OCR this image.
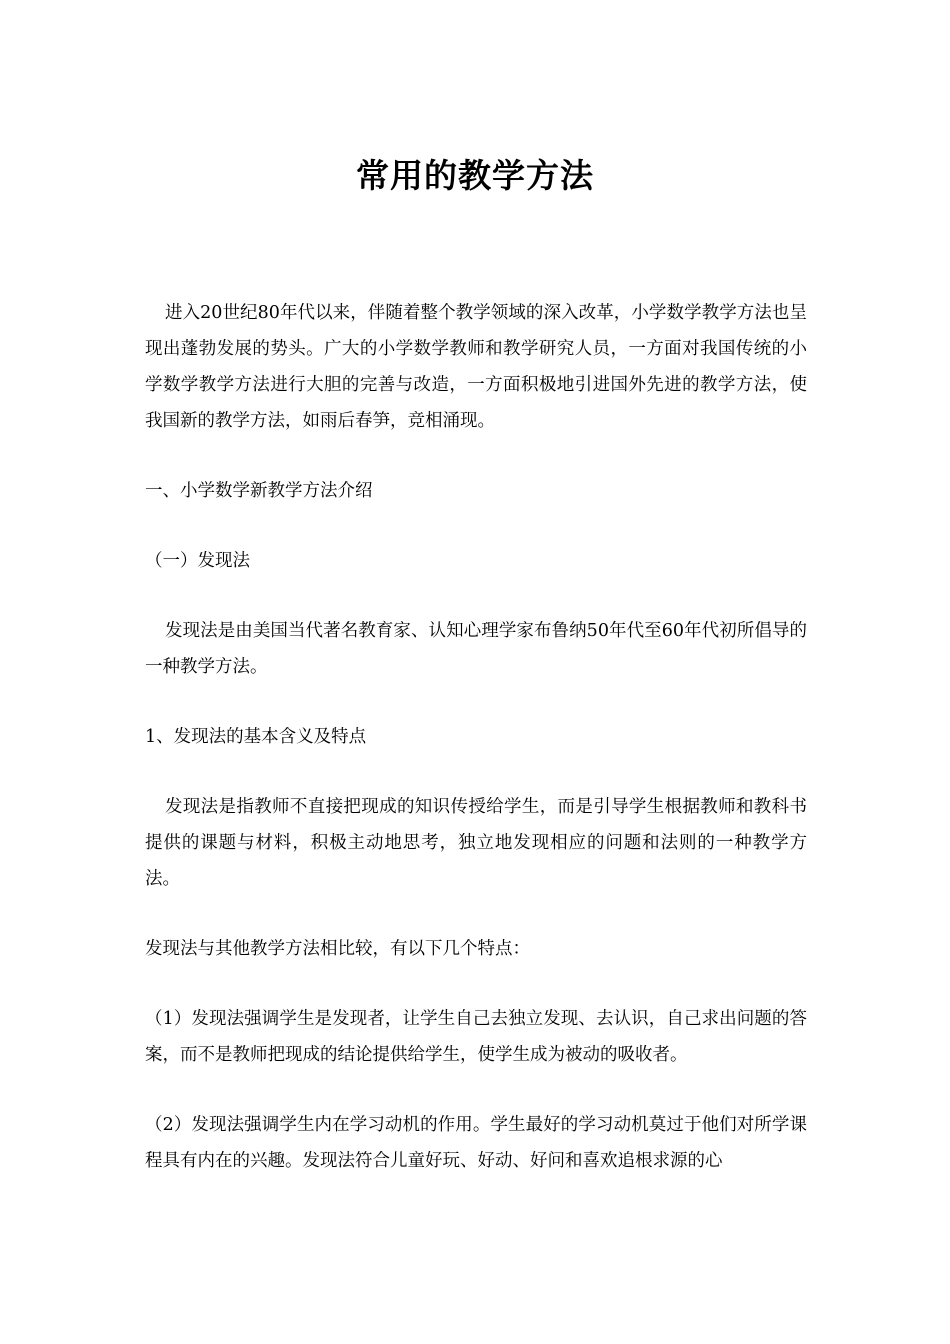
常用的教学方法

进入20世纪80年代以来，伴随着整个教学领域的深入改革，小学数学教学方法也呈现出蓬勃发展的势头。广大的小学数学教师和教学研究人员，一方面对我国传统的小学数学教学方法进行大胆的完善与改造，一方面积极地引进国外先进的教学方法，使我国新的教学方法，如雨后春笋，竞相涌现。

一、小学数学新教学方法介绍

（一）发现法

发现法是由美国当代著名教育家、认知心理学家布鲁纳50年代至60年代初所倡导的一种教学方法。

1、发现法的基本含义及特点

发现法是指教师不直接把现成的知识传授给学生，而是引导学生根据教师和教科书提供的课题与材料，积极主动地思考，独立地发现相应的问题和法则的一种教学方法。

发现法与其他教学方法相比较，有以下几个特点：

（1）发现法强调学生是发现者，让学生自己去独立发现、去认识，自己求出问题的答案，而不是教师把现成的结论提供给学生，使学生成为被动的吸收者。

（2）发现法强调学生内在学习动机的作用。学生最好的学习动机莫过于他们对所学课程具有内在的兴趣。发现法符合儿童好玩、好动、好问和喜欢追根求源的心
